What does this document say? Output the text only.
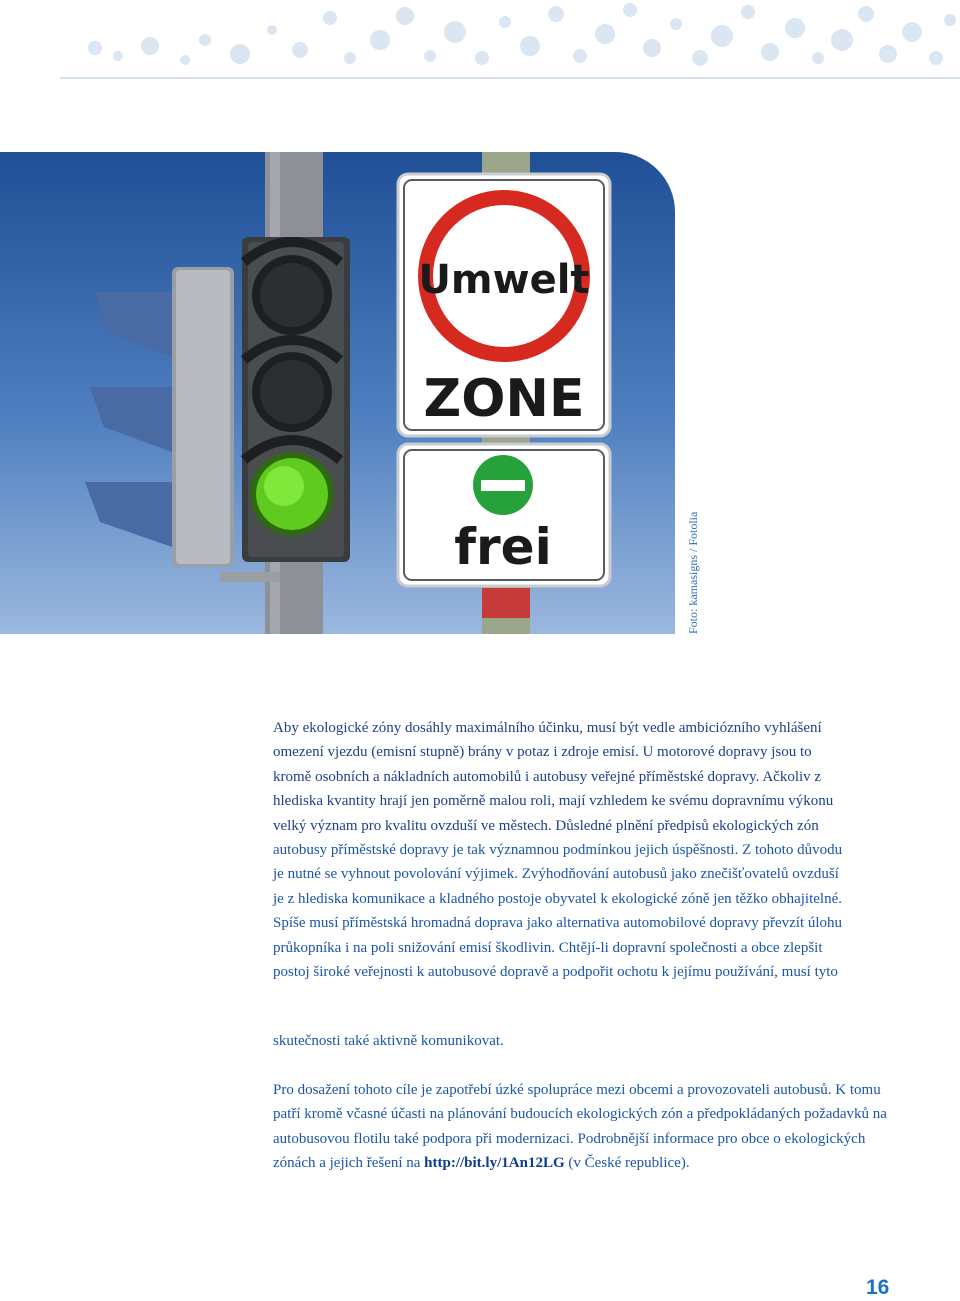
Umwelt
ZONE
frei	Foto: kamasigns / Fotolia
Aby ekologické zóny dosáhly maximálního účinku, musí být vedle ambiciózního vyhlášení
omezení vjezdu (emisní stupně) brány v potaz i zdroje emisí. U motorové dopravy jsou to
kromě osobních a nákladních automobilů i autobusy veřejné příměstské dopravy. Ačkoliv z
hlediska kvantity hrají jen poměrně malou roli, mají vzhledem ke svému dopravnímu výkonu
velký význam pro kvalitu ovzduší ve městech. Důsledné plnění předpisů ekologických zón
autobusy příměstské dopravy je tak významnou podmínkou jejich úspěšnosti. Z tohoto důvodu
je nutné se vyhnout povolování výjimek. Zvýhodňování autobusů jako znečišťovatelů ovzduší
je z hlediska komunikace a kladného postoje obyvatel k ekologické zóně jen těžko obhajitelné.
Spíše musí příměstská hromadná doprava jako alternativa automobilové dopravy převzít úlohu
průkopníka i na poli snižování emisí škodlivin. Chtějí-li dopravní společnosti a obce zlepšit
postoj široké veřejnosti k autobusové dopravě a podpořit ochotu k jejímu používání, musí tyto
skutečnosti také aktivně komunikovat.
Pro dosažení tohoto cíle je zapotřebí úzké spolupráce mezi obcemi a provozovateli autobusů. K tomu patří kromě včasné účasti na plánování budoucích ekologických zón a předpokládaných požadavků na autobusovou flotilu také podpora při modernizaci. Podrobnější informace pro obce o ekologických zónách a jejich řešení na http://bit.ly/1An12LG (v České republice).
16
